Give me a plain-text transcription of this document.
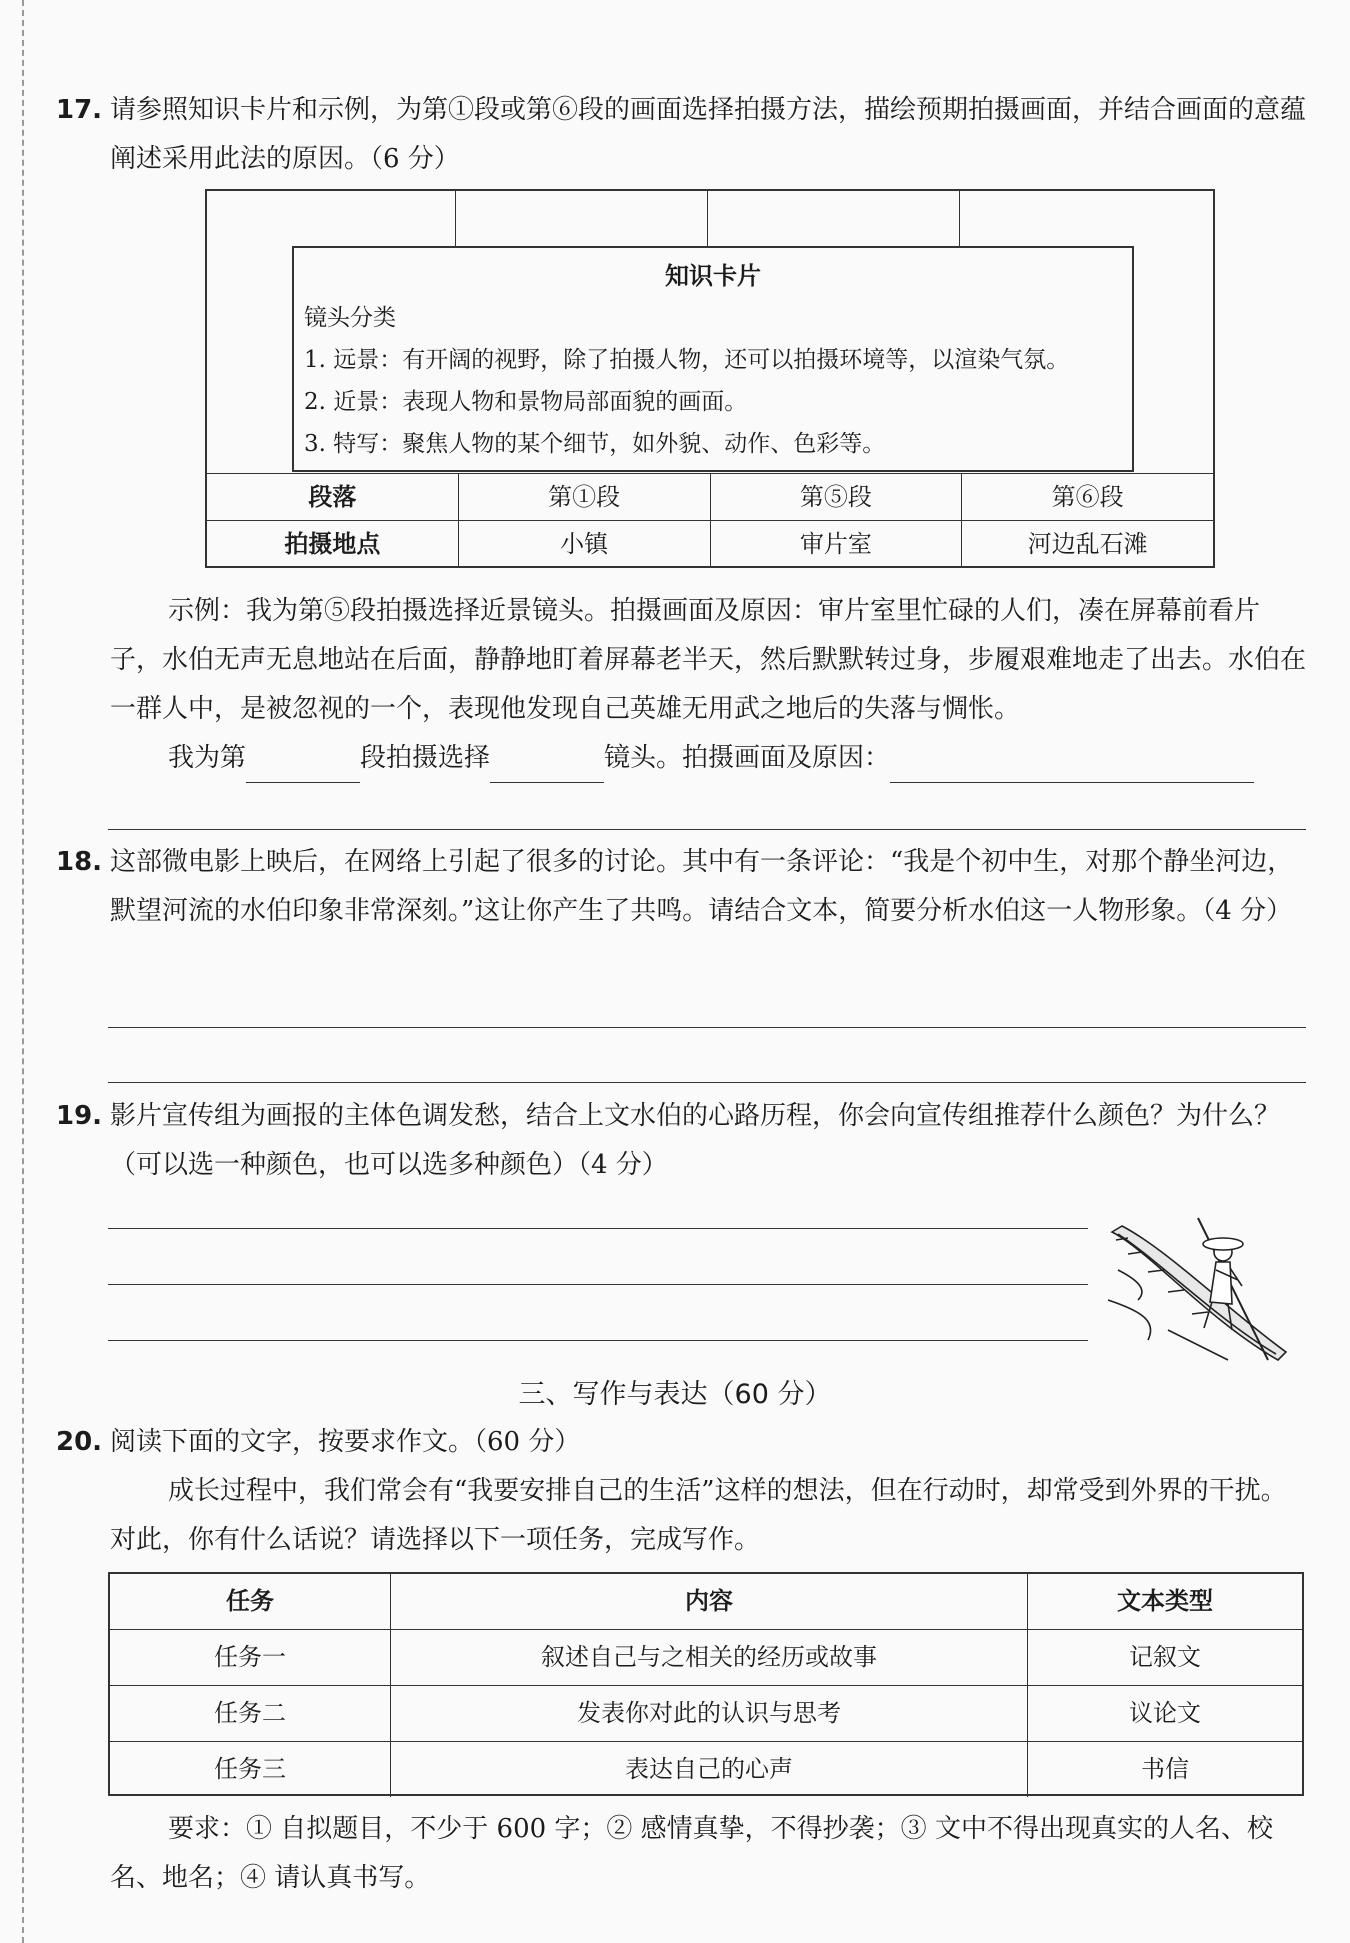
17. 请参照知识卡片和示例，为第①段或第⑥段的画面选择拍摄方法，描绘预期拍摄画面，并结合画面的意蕴阐述采用此法的原因。（6 分）
段落	第①段	第⑤段	第⑥段
拍摄地点	小镇	审片室	河边乱石滩
知识卡片
镜头分类
1. 远景：有开阔的视野，除了拍摄人物，还可以拍摄环境等，以渲染气氛。
2. 近景：表现人物和景物局部面貌的画面。
3. 特写：聚焦人物的某个细节，如外貌、动作、色彩等。
示例：我为第⑤段拍摄选择近景镜头。拍摄画面及原因：审片室里忙碌的人们，凑在屏幕前看片子，水伯无声无息地站在后面，静静地盯着屏幕老半天，然后默默转过身，步履艰难地走了出去。水伯在一群人中，是被忽视的一个，表现他发现自己英雄无用武之地后的失落与惆怅。
我为第	段拍摄选择	镜头。拍摄画面及原因：
18. 这部微电影上映后，在网络上引起了很多的讨论。其中有一条评论：“我是个初中生，对那个静坐河边，默望河流的水伯印象非常深刻。”这让你产生了共鸣。请结合文本，简要分析水伯这一人物形象。（4 分）
19. 影片宣传组为画报的主体色调发愁，结合上文水伯的心路历程，你会向宣传组推荐什么颜色？为什么？（可以选一种颜色，也可以选多种颜色）（4 分）
三、写作与表达（60 分）
20. 阅读下面的文字，按要求作文。（60 分）
成长过程中，我们常会有“我要安排自己的生活”这样的想法，但在行动时，却常受到外界的干扰。对此，你有什么话说？请选择以下一项任务，完成写作。
任务	内容	文本类型
任务一	叙述自己与之相关的经历或故事	记叙文
任务二	发表你对此的认识与思考	议论文
任务三	表达自己的心声	书信
要求：① 自拟题目，不少于 600 字；② 感情真挚，不得抄袭；③ 文中不得出现真实的人名、校名、地名；④ 请认真书写。
